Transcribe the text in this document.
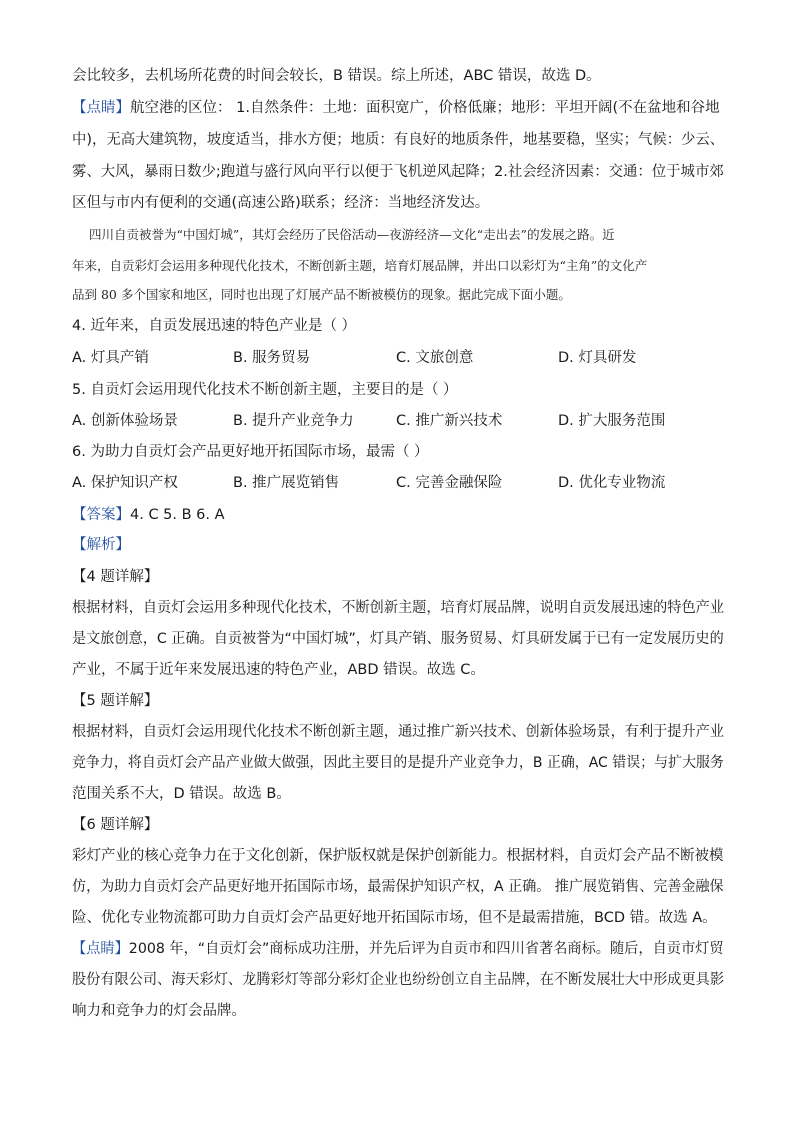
会比较多，去机场所花费的时间会较长，B 错误。综上所述，ABC 错误，故选 D。
【点睛】航空港的区位： 1.自然条件：土地：面积宽广，价格低廉；地形：平坦开阔(不在盆地和谷地
中)，无高大建筑物，坡度适当，排水方便；地质：有良好的地质条件，地基要稳，坚实；气候：少云、
雾、大风，暴雨日数少;跑道与盛行风向平行以便于飞机逆风起降；2.社会经济因素：交通：位于城市郊
区但与市内有便利的交通(高速公路)联系；经济：当地经济发达。
四川自贡被誉为“中国灯城”，其灯会经历了民俗活动—夜游经济—文化“走出去”的发展之路。近
年来，自贡彩灯会运用多种现代化技术，不断创新主题，培育灯展品牌，并出口以彩灯为“主角”的文化产
品到 80 多个国家和地区，同时也出现了灯展产品不断被模仿的现象。据此完成下面小题。
4. 近年来，自贡发展迅速的特色产业是（ ）
A. 灯具产销	B. 服务贸易	C. 文旅创意	D. 灯具研发
5. 自贡灯会运用现代化技术不断创新主题，主要目的是（ ）
A. 创新体验场景	B. 提升产业竞争力	C. 推广新兴技术	D. 扩大服务范围
6. 为助力自贡灯会产品更好地开拓国际市场，最需（ ）
A. 保护知识产权	B. 推广展览销售	C. 完善金融保险	D. 优化专业物流
【答案】4. C 5. B 6. A
【解析】
【4 题详解】
根据材料，自贡灯会运用多种现代化技术，不断创新主题，培育灯展品牌，说明自贡发展迅速的特色产业
是文旅创意，C 正确。自贡被誉为“中国灯城”，灯具产销、服务贸易、灯具研发属于已有一定发展历史的
产业，不属于近年来发展迅速的特色产业，ABD 错误。故选 C。
【5 题详解】
根据材料，自贡灯会运用现代化技术不断创新主题，通过推广新兴技术、创新体验场景，有利于提升产业
竞争力，将自贡灯会产品产业做大做强，因此主要目的是提升产业竞争力，B 正确，AC 错误；与扩大服务
范围关系不大，D 错误。故选 B。
【6 题详解】
彩灯产业的核心竞争力在于文化创新，保护版权就是保护创新能力。根据材料，自贡灯会产品不断被模
仿，为助力自贡灯会产品更好地开拓国际市场，最需保护知识产权，A 正确。 推广展览销售、完善金融保
险、优化专业物流都可助力自贡灯会产品更好地开拓国际市场，但不是最需措施，BCD 错。故选 A。
【点睛】2008 年，“自贡灯会”商标成功注册，并先后评为自贡市和四川省著名商标。随后，自贡市灯贸
股份有限公司、海天彩灯、龙腾彩灯等部分彩灯企业也纷纷创立自主品牌，在不断发展壮大中形成更具影
响力和竞争力的灯会品牌。
